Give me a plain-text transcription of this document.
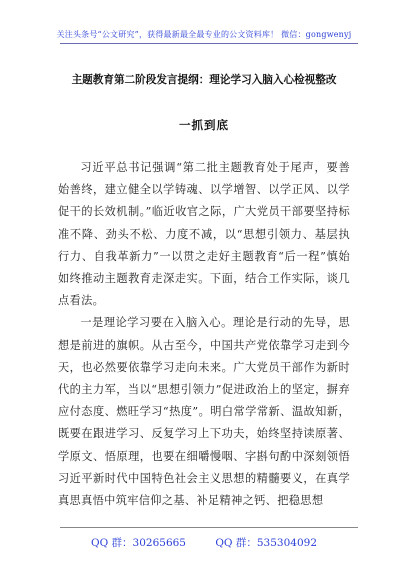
关注头条号“公文研究”，获得最新最全最专业的公文资料库！ 微信：gongwenyj
主题教育第二阶段发言提纲：理论学习入脑入心检视整改
一抓到底

习近平总书记强调“第二批主题教育处于尾声，要善始善终，建立健全以学铸魂、以学增智、以学正风、以学促干的长效机制。”临近收官之际，广大党员干部要坚持标准不降、劲头不松、力度不减，以“思想引领力、基层执行力、自我革新力”一以贯之走好主题教育“后一程”慎始如终推动主题教育走深走实。下面，结合工作实际，谈几点看法。

一是理论学习要在入脑入心。理论是行动的先导，思想是前进的旗帜。从古至今，中国共产党依靠学习走到今天，也必然要依靠学习走向未来。广大党员干部作为新时代的主力军，当以“思想引领力”促进政治上的坚定，摒弃应付态度、燃旺学习“热度”。明白常学常新、温故知新，既要在跟进学习、反复学习上下功夫，始终坚持读原著、学原文、悟原理，也要在细嚼慢咽、字斟句酌中深刻领悟习近平新时代中国特色社会主义思想的精髓要义，在真学真思真悟中筑牢信仰之基、补足精神之钙、把稳思想

QQ 群：30265665	QQ 群：535304092
